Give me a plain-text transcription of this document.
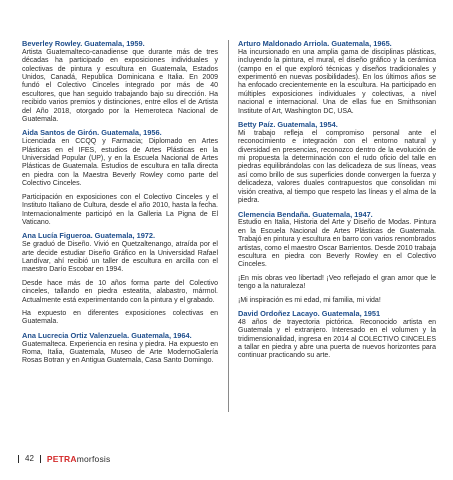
Beverley Rowley. Guatemala, 1959.

Artista Guatemalteco-canadiense que durante más de tres décadas ha participado en exposiciones individuales y colectivas de pintura y escultura en Guatemala, Estados Unidos, Canadá, Republica Dominicana e Italia. En 2009 fundó el Colectivo Cinceles integrado por más de 40 escultores, que han seguido trabajando bajo su dirección. Ha recibido varios premios y distinciones, entre ellos el de Artista del Año 2018, otorgado por la Hemeroteca Nacional de Guatemala.

Aida Santos de Girón. Guatemala, 1956.

Licenciada en CCQQ y Farmacia; Diplomado en Artes Plásticas en el IFES, estudios de Artes Plásticas en la Universidad Popular (UP), y en la Escuela Nacional de Artes Plásticas de Guatemala. Estudios de escultura en talla directa en piedra con la Maestra Beverly Rowley como parte del Colectivo Cinceles.

Participación en exposiciones con el Colectivo Cinceles y el Instituto Italiano de Cultura, desde el año 2010, hasta la fecha. Internacionalmente participó en la Galleria La Pigna de El Vaticano.

Ana Lucía Figueroa. Guatemala, 1972.

Se graduó de Diseño. Vivió en Quetzaltenango, atraída por el arte decide estudiar Diseño Gráfico en la Universidad Rafael Landívar, ahí recibió un taller de escultura en arcilla con el maestro Darío Escobar en 1994.

Desde hace más de 10 años forma parte del Colectivo cinceles, tallando en piedra esteatita, alabastro, mármol. Actualmente está experimentando con la pintura y el grabado.

Ha expuesto en diferentes exposiciones colectivas en Guatemala.

Ana Lucrecia Ortiz Valenzuela. Guatemala, 1964.

Guatemalteca. Experiencia en resina y piedra. Ha expuesto en Roma, Italia, Guatemala, Museo de Arte ModernoGalería Rosas Botran y en Antigua Guatemala, Casa Santo Domingo.

Arturo Maldonado Arriola. Guatemala, 1965.

Ha incursionado en una amplia gama de disciplinas plásticas, incluyendo la pintura, el mural, el diseño gráfico y la cerámica (campo en el que exploró técnicas y diseños tradicionales y experimentó en nuevas posibilidades). En los últimos años se ha enfocado crecientemente en la escultura. Ha participado en múltiples exposiciones individuales y colectivas, a nivel nacional e internacional. Una de ellas fue en Smithsonian Institute of Art, Washington DC, USA.

Betty Paíz. Guatemala, 1954.

Mi trabajo refleja el compromiso personal ante el reconocimiento e integración con el entorno natural y diversidad en presencias, reconozco dentro de la evolución de mi propuesta la determinación con el rudo oficio del talle en piedras equilibrándolas con las delicadeza de sus líneas, veas así como brillo de sus superficies donde convergen la fuerza y delicadeza, valores duales contrapuestos que consolidan mi visión creativa, al tiempo que respeto las líneas y el alma de la piedra.

Clemencia Bendaña. Guatemala, 1947.

Estudio en Italia, Historia del Arte y Diseño de Modas. Pintura en la Escuela Nacional de Artes Plásticas de Guatemala. Trabajó en pintura y escultura en barro con varios renombrados artistas, como el maestro Oscar Barrientos. Desde 2010 trabaja escultura en piedra con Beverly Rowley en el Colectivo Cinceles.

¡En mis obras veo libertad! ¡Veo reflejado el gran amor que le tengo a la naturaleza!

¡Mi inspiración es mi edad, mi familia, mi vida!

David Ordoñez Lacayo. Guatemala, 1951

48 años de trayectoria pictórica. Reconocido artista en Guatemala y el extranjero. Interesado en el volumen y la tridimensionalidad, ingresa en 2014 al COLECTIVO CINCELES a tallar en piedra y abre una puerta de nuevos horizontes para continuar practicando su arte.

42 PETRAmorfosis
